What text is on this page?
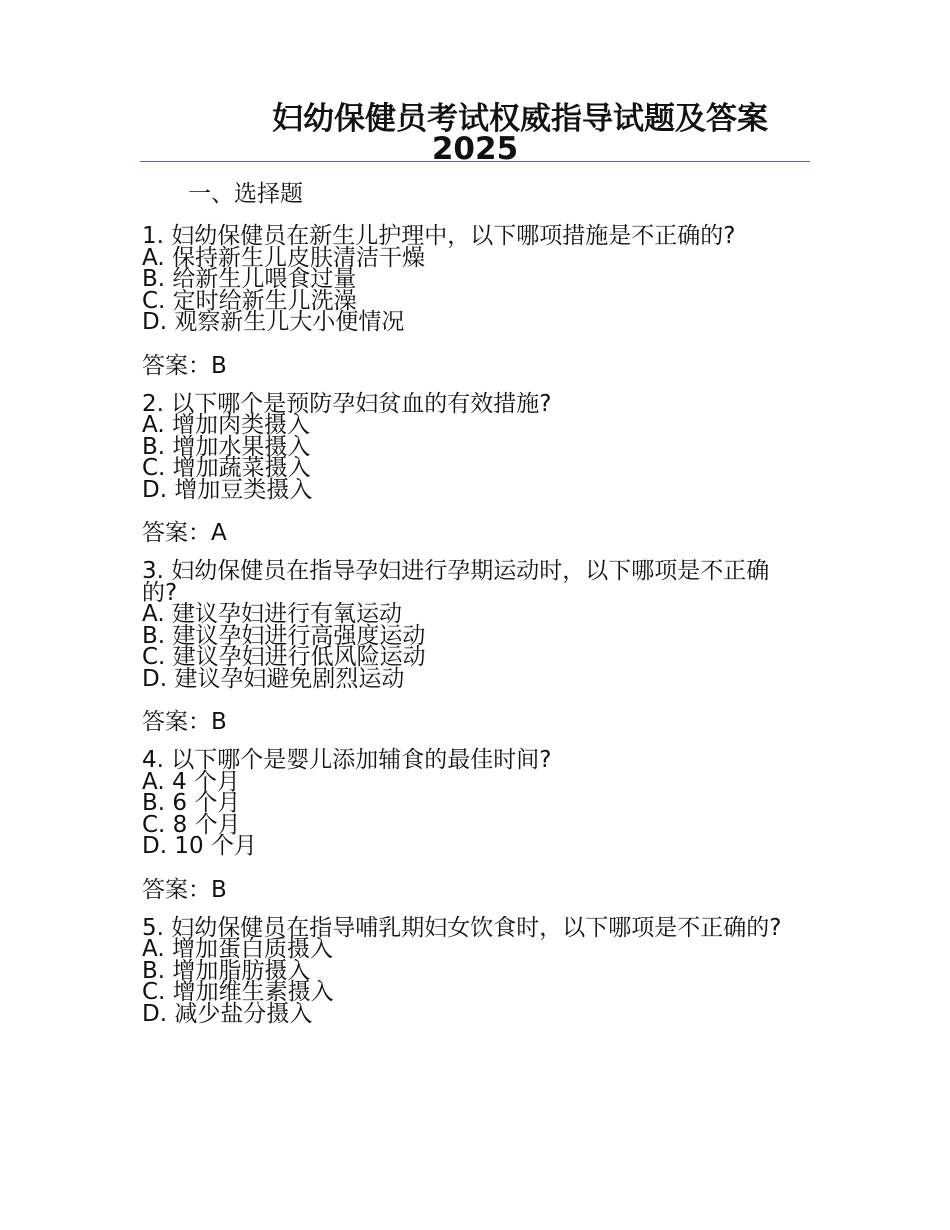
妇幼保健员考试权威指导试题及答案
2025
一、选择题

1. 妇幼保健员在新生儿护理中，以下哪项措施是不正确的?

A. 保持新生儿皮肤清洁干燥

B. 给新生儿喂食过量

C. 定时给新生儿洗澡

D. 观察新生儿大小便情况

答案：B

2. 以下哪个是预防孕妇贫血的有效措施?

A. 增加肉类摄入

B. 增加水果摄入

C. 增加蔬菜摄入

D. 增加豆类摄入

答案：A

3. 妇幼保健员在指导孕妇进行孕期运动时，以下哪项是不正确的?

A. 建议孕妇进行有氧运动

B. 建议孕妇进行高强度运动

C. 建议孕妇进行低风险运动

D. 建议孕妇避免剧烈运动

答案：B

4. 以下哪个是婴儿添加辅食的最佳时间?

A. 4 个月

B. 6 个月

C. 8 个月

D. 10 个月

答案：B

5. 妇幼保健员在指导哺乳期妇女饮食时，以下哪项是不正确的?

A. 增加蛋白质摄入

B. 增加脂肪摄入

C. 增加维生素摄入

D. 减少盐分摄入
